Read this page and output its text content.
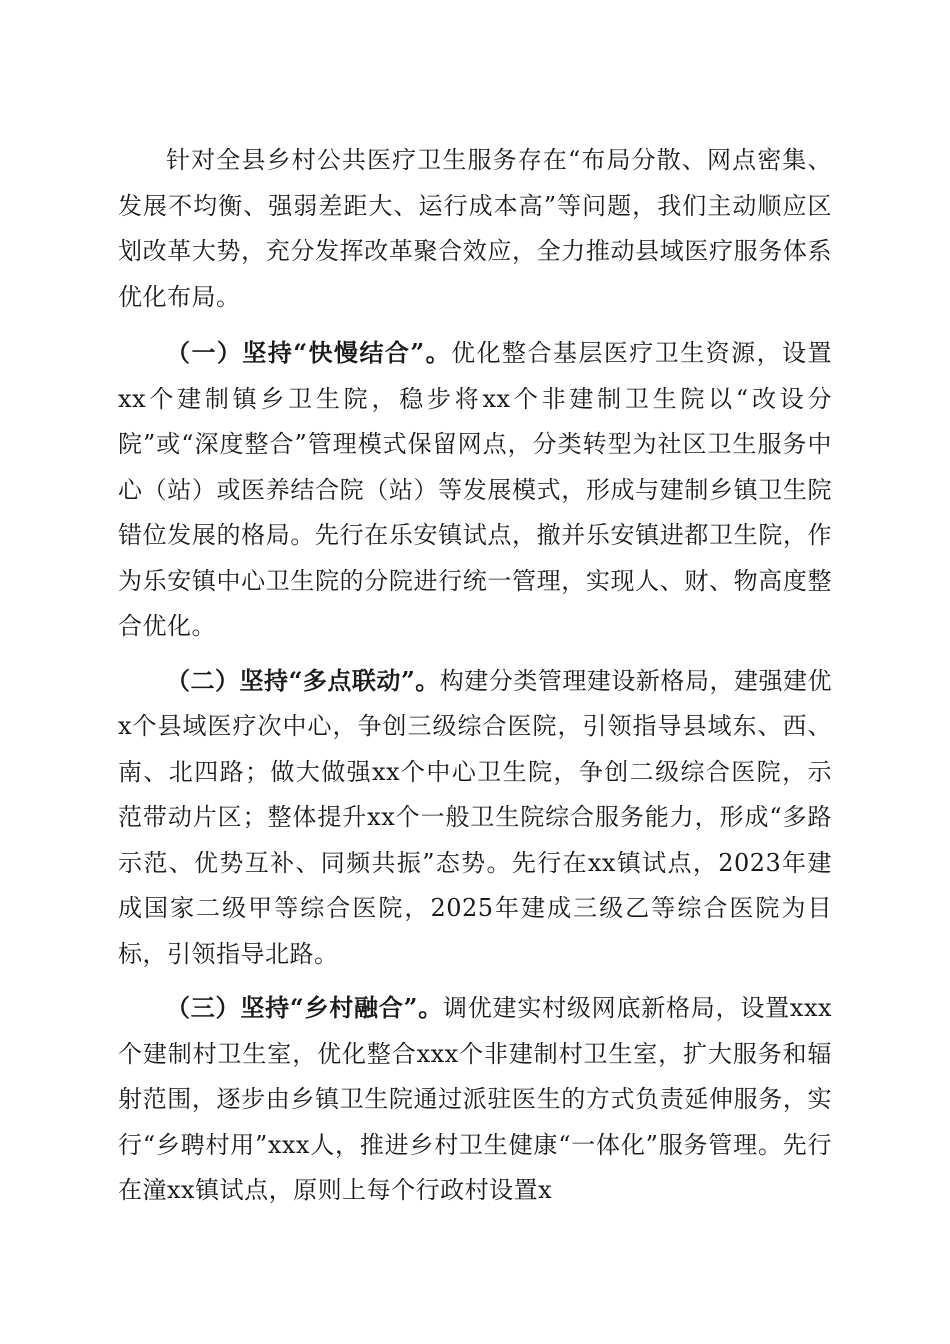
针对全县乡村公共医疗卫生服务存在“布局分散、网点密集、发展不均衡、强弱差距大、运行成本高”等问题，我们主动顺应区划改革大势，充分发挥改革聚合效应，全力推动县域医疗服务体系优化布局。

（一）坚持“快慢结合”。优化整合基层医疗卫生资源，设置xx个建制镇乡卫生院，稳步将xx个非建制卫生院以“改设分院”或“深度整合”管理模式保留网点，分类转型为社区卫生服务中心（站）或医养结合院（站）等发展模式，形成与建制乡镇卫生院错位发展的格局。先行在乐安镇试点，撤并乐安镇进都卫生院，作为乐安镇中心卫生院的分院进行统一管理，实现人、财、物高度整合优化。

（二）坚持“多点联动”。构建分类管理建设新格局，建强建优x个县域医疗次中心，争创三级综合医院，引领指导县域东、西、南、北四路；做大做强xx个中心卫生院，争创二级综合医院，示范带动片区；整体提升xx个一般卫生院综合服务能力，形成“多路示范、优势互补、同频共振”态势。先行在xx镇试点，2023年建成国家二级甲等综合医院，2025年建成三级乙等综合医院为目标，引领指导北路。

（三）坚持“乡村融合”。调优建实村级网底新格局，设置xxx个建制村卫生室，优化整合xxx个非建制村卫生室，扩大服务和辐射范围，逐步由乡镇卫生院通过派驻医生的方式负责延伸服务，实行“乡聘村用”xxx人，推进乡村卫生健康“一体化”服务管理。先行在潼xx镇试点，原则上每个行政村设置x
